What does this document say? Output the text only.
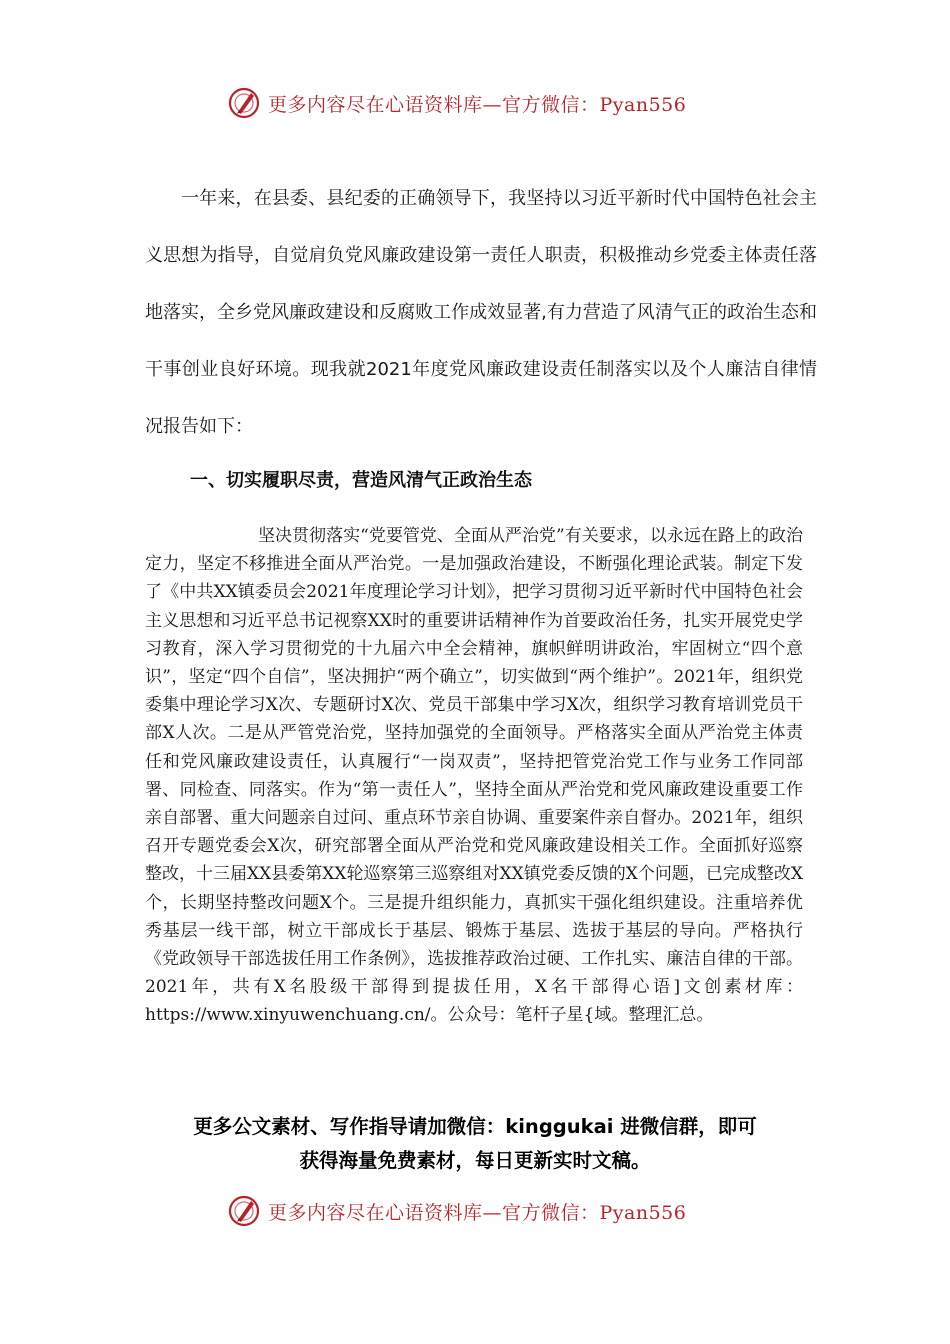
更多内容尽在心语资料库—官方微信：Pyan556

一年来，在县委、县纪委的正确领导下，我坚持以习近平新时代中国特色社会主义思想为指导，自觉肩负党风廉政建设第一责任人职责，积极推动乡党委主体责任落地落实，全乡党风廉政建设和反腐败工作成效显著,有力营造了风清气正的政治生态和干事创业良好环境。现我就2021年度党风廉政建设责任制落实以及个人廉洁自律情况报告如下：

一、切实履职尽责，营造风清气正政治生态

坚决贯彻落实“党要管党、全面从严治党”有关要求，以永远在路上的政治定力，坚定不移推进全面从严治党。一是加强政治建设，不断强化理论武装。制定下发了《中共XX镇委员会2021年度理论学习计划》，把学习贯彻习近平新时代中国特色社会主义思想和习近平总书记视察XX时的重要讲话精神作为首要政治任务，扎实开展党史学习教育，深入学习贯彻党的十九届六中全会精神，旗帜鲜明讲政治，牢固树立“四个意识”，坚定“四个自信”，坚决拥护“两个确立”，切实做到“两个维护”。2021年，组织党委集中理论学习X次、专题研讨X次、党员干部集中学习X次，组织学习教育培训党员干部X人次。二是从严管党治党，坚持加强党的全面领导。严格落实全面从严治党主体责任和党风廉政建设责任，认真履行“一岗双责”，坚持把管党治党工作与业务工作同部署、同检查、同落实。作为“第一责任人”，坚持全面从严治党和党风廉政建设重要工作亲自部署、重大问题亲自过问、重点环节亲自协调、重要案件亲自督办。2021年，组织召开专题党委会X次，研究部署全面从严治党和党风廉政建设相关工作。全面抓好巡察整改，十三届XX县委第XX轮巡察第三巡察组对XX镇党委反馈的X个问题，已完成整改X个，长期坚持整改问题X个。三是提升组织能力，真抓实干强化组织建设。注重培养优秀基层一线干部，树立干部成长于基层、锻炼于基层、选拔于基层的导向。严格执行《党政领导干部选拔任用工作条例》，选拔推荐政治过硬、工作扎实、廉洁自律的干部。2021年，共有X名股级干部得到提拔任用，X名干部得心语]文创素材库：https://www.xinyuwenchuang.cn/。公众号：笔杆子星{域。整理汇总。

更多公文素材、写作指导请加微信：kinggukai 进微信群，即可
获得海量免费素材，每日更新实时文稿。
更多内容尽在心语资料库—官方微信：Pyan556
